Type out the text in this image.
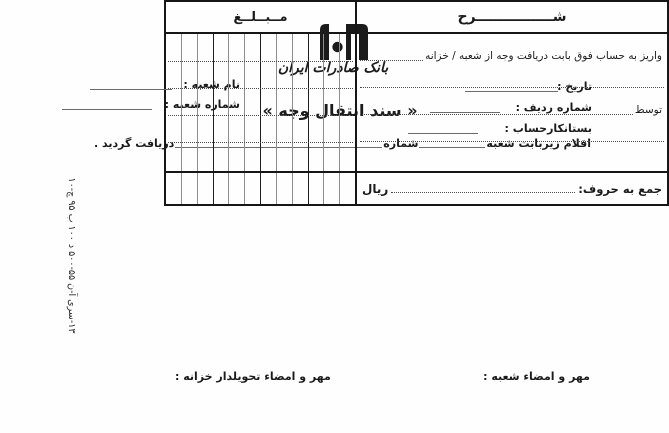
بانک صادرات ایران
تاریخ :
شماره ردیف :
بستانکارحساب :
نام شعبه :
شماره شعبه :	« سند انتقال وجه »
اقلام زیربابت شعبه
شماره
دریافت گردید .
شــــــــــــــــرح
مــبــلــغ
واریز به حساب فوق بابت دریافت وجه از شعبه / خزانه
توسط
جمع به حروف:
ریال
مهر و امضاء شعبه :
مهر و امضاء تحویلدار خزانه :
۱۳-سری آ-ن ۵۵-۵۰۰ د ۱۰۰ ب ۹۵ چ-۱۰
